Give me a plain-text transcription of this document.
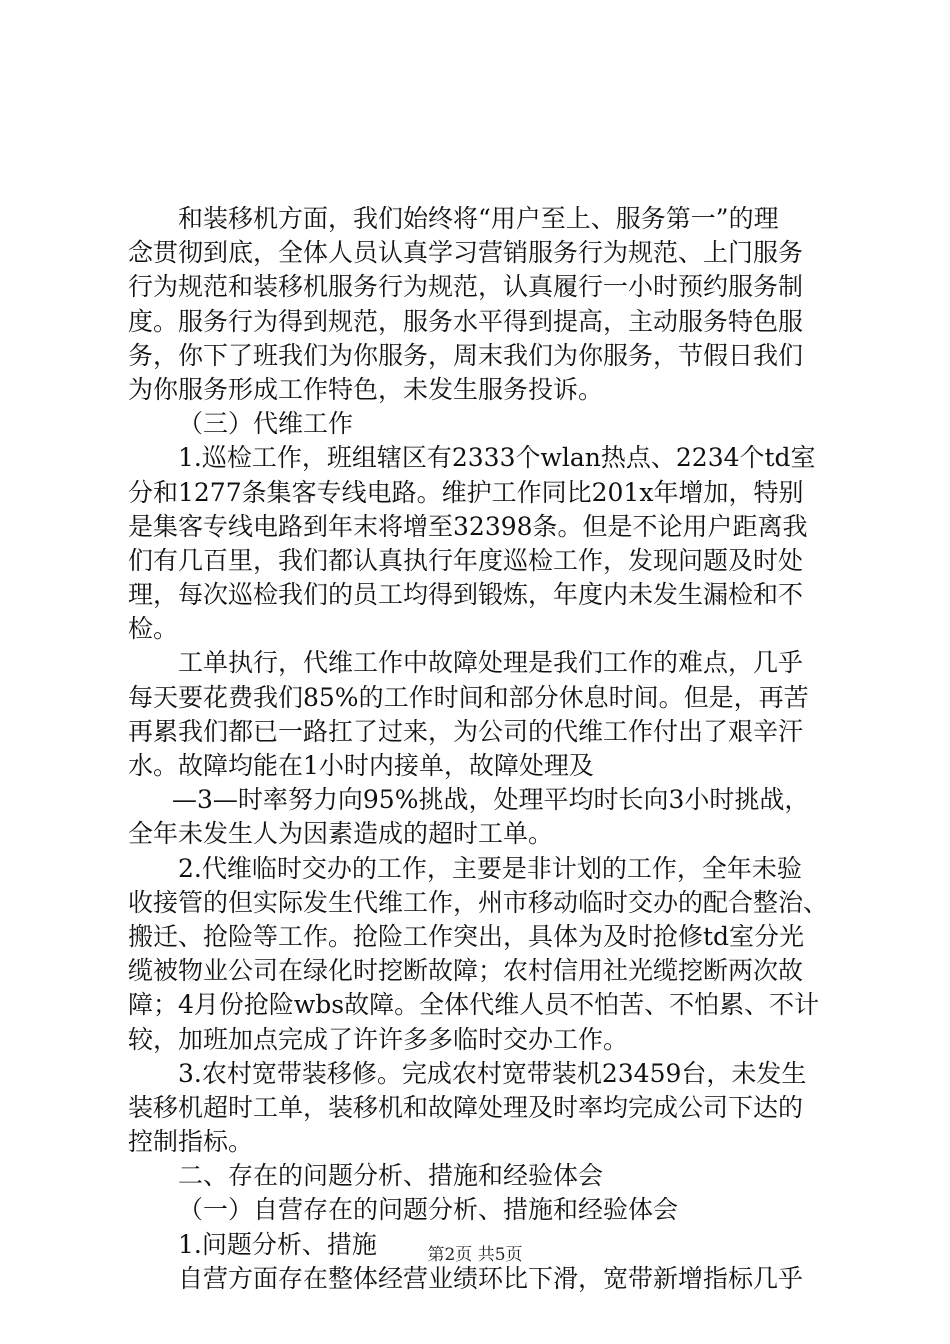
和装移机方面，我们始终将“用户至上、服务第一”的理
念贯彻到底，全体人员认真学习营销服务行为规范、上门服务
行为规范和装移机服务行为规范，认真履行一小时预约服务制
度。服务行为得到规范，服务水平得到提高，主动服务特色服
务，你下了班我们为你服务，周末我们为你服务，节假日我们
为你服务形成工作特色，未发生服务投诉。
（三）代维工作
1.巡检工作，班组辖区有2333个wlan热点、2234个td室
分和1277条集客专线电路。维护工作同比201x年增加，特别
是集客专线电路到年末将增至32398条。但是不论用户距离我
们有几百里，我们都认真执行年度巡检工作，发现问题及时处
理，每次巡检我们的员工均得到锻炼，年度内未发生漏检和不
检。
工单执行，代维工作中故障处理是我们工作的难点，几乎
每天要花费我们85%的工作时间和部分休息时间。但是，再苦
再累我们都已一路扛了过来，为公司的代维工作付出了艰辛汗
水。故障均能在1小时内接单，故障处理及
—3—时率努力向95%挑战，处理平均时长向3小时挑战，
全年未发生人为因素造成的超时工单。
2.代维临时交办的工作，主要是非计划的工作，全年未验
收接管的但实际发生代维工作，州市移动临时交办的配合整治、
搬迁、抢险等工作。抢险工作突出，具体为及时抢修td室分光
缆被物业公司在绿化时挖断故障；农村信用社光缆挖断两次故
障；4月份抢险wbs故障。全体代维人员不怕苦、不怕累、不计
较，加班加点完成了许许多多临时交办工作。
3.农村宽带装移修。完成农村宽带装机23459台，未发生
装移机超时工单，装移机和故障处理及时率均完成公司下达的
控制指标。
二、存在的问题分析、措施和经验体会
（一）自营存在的问题分析、措施和经验体会
1.问题分析、措施
自营方面存在整体经营业绩环比下滑，宽带新增指标几乎
第2页 共5页
